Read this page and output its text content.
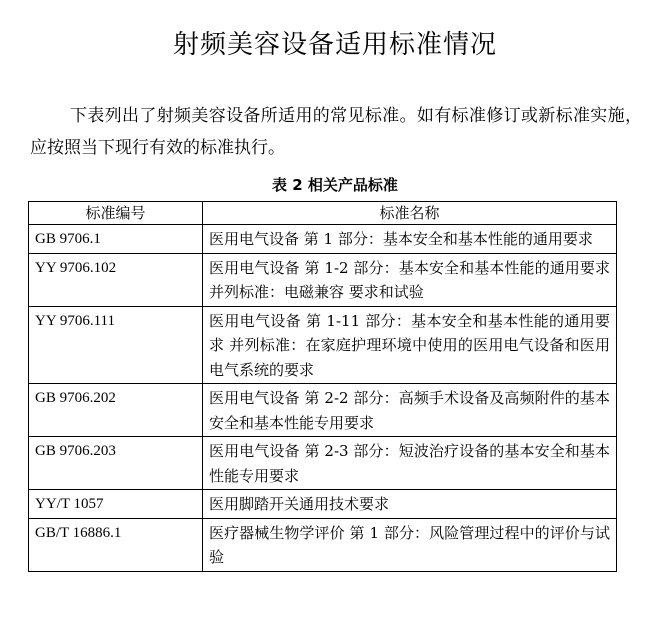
射频美容设备适用标准情况
下表列出了射频美容设备所适用的常见标准。如有标准修订或新标准实施，应按照当下现行有效的标准执行。
表 2 相关产品标准
标准编号	标准名称
GB 9706.1	医用电气设备 第 1 部分：基本安全和基本性能的通用要求
YY 9706.102	医用电气设备 第 1-2 部分：基本安全和基本性能的通用要求 并列标准：电磁兼容 要求和试验
YY 9706.111	医用电气设备 第 1-11 部分：基本安全和基本性能的通用要求 并列标准：在家庭护理环境中使用的医用电气设备和医用电气系统的要求
GB 9706.202	医用电气设备 第 2-2 部分：高频手术设备及高频附件的基本安全和基本性能专用要求
GB 9706.203	医用电气设备 第 2-3 部分：短波治疗设备的基本安全和基本性能专用要求
YY/T 1057	医用脚踏开关通用技术要求
GB/T 16886.1	医疗器械生物学评价 第 1 部分：风险管理过程中的评价与试验
